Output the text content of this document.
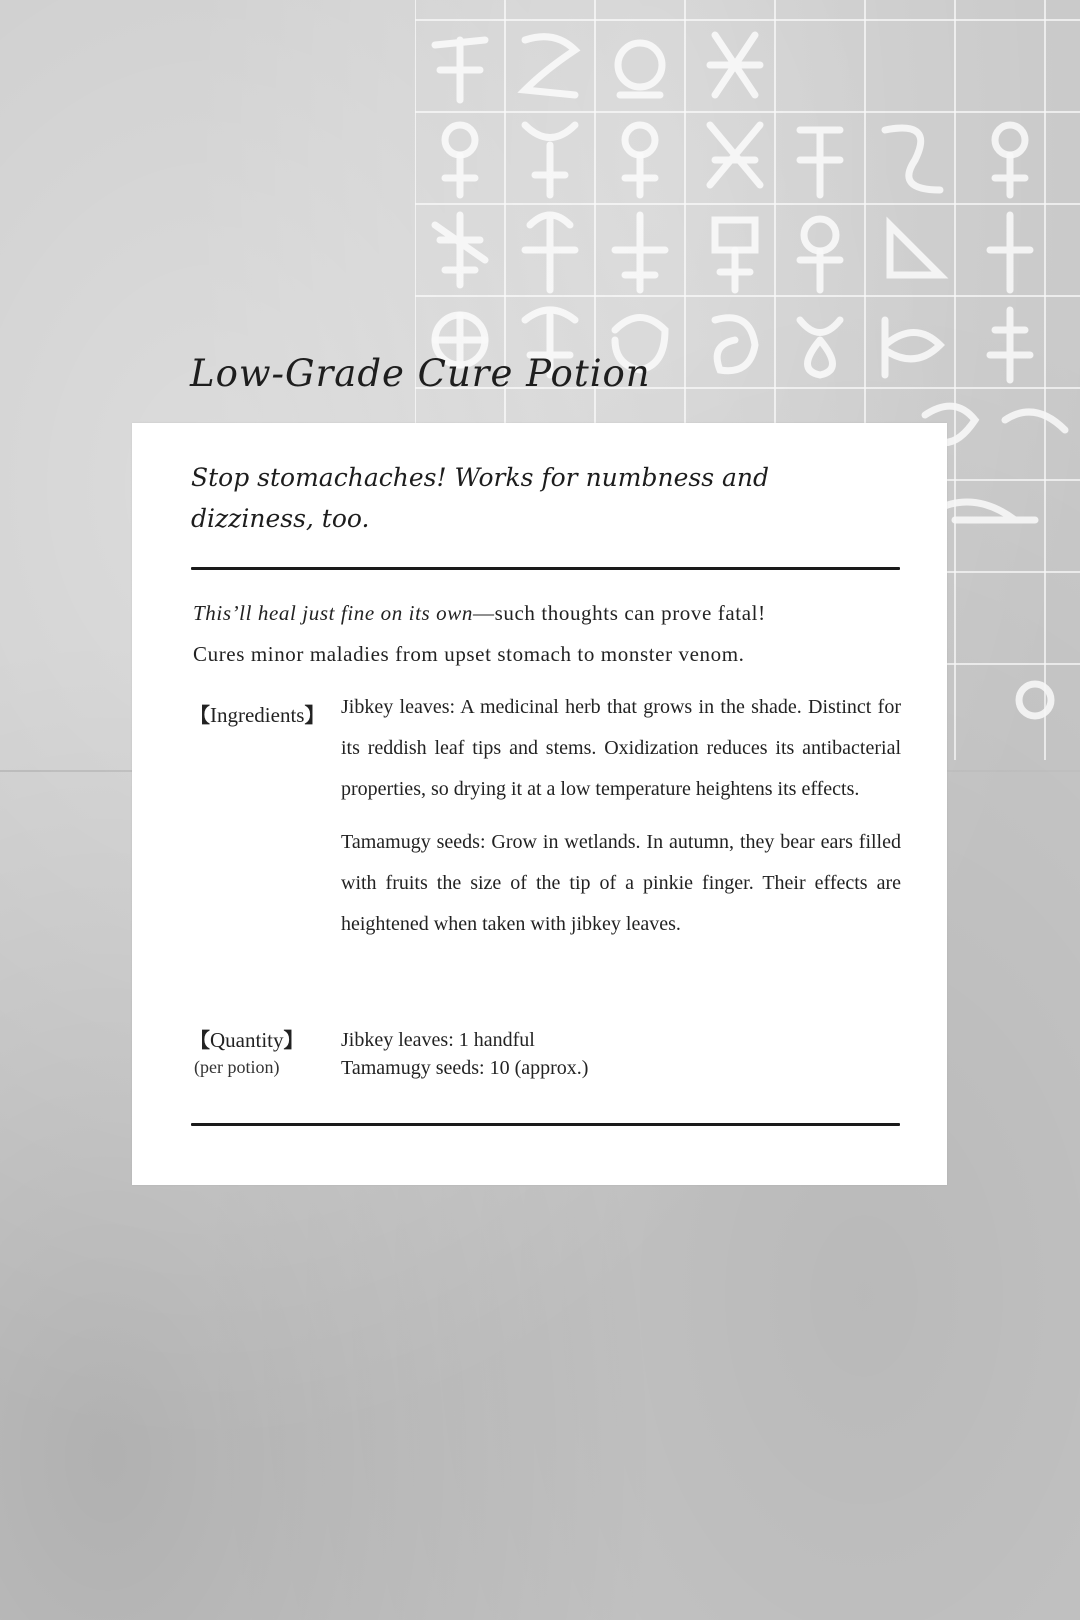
Low-Grade Cure Potion

Stop stomachaches! Works for numbness and dizziness, too.

This’ll heal just fine on its own—such thoughts can prove fatal!

Cures minor maladies from upset stomach to monster venom.

【Ingredients】 Jibkey leaves: A medicinal herb that grows in the shade. Distinct for its reddish leaf tips and stems. Oxidization reduces its antibacterial properties, so drying it at a low temperature heightens its effects.

Tamamugy seeds: Grow in wetlands. In autumn, they bear ears filled with fruits the size of the tip of a pinkie finger. Their effects are heightened when taken with jibkey leaves.

【Quantity】
(per potion)
Jibkey leaves: 1 handful
Tamamugy seeds: 10 (approx.)
